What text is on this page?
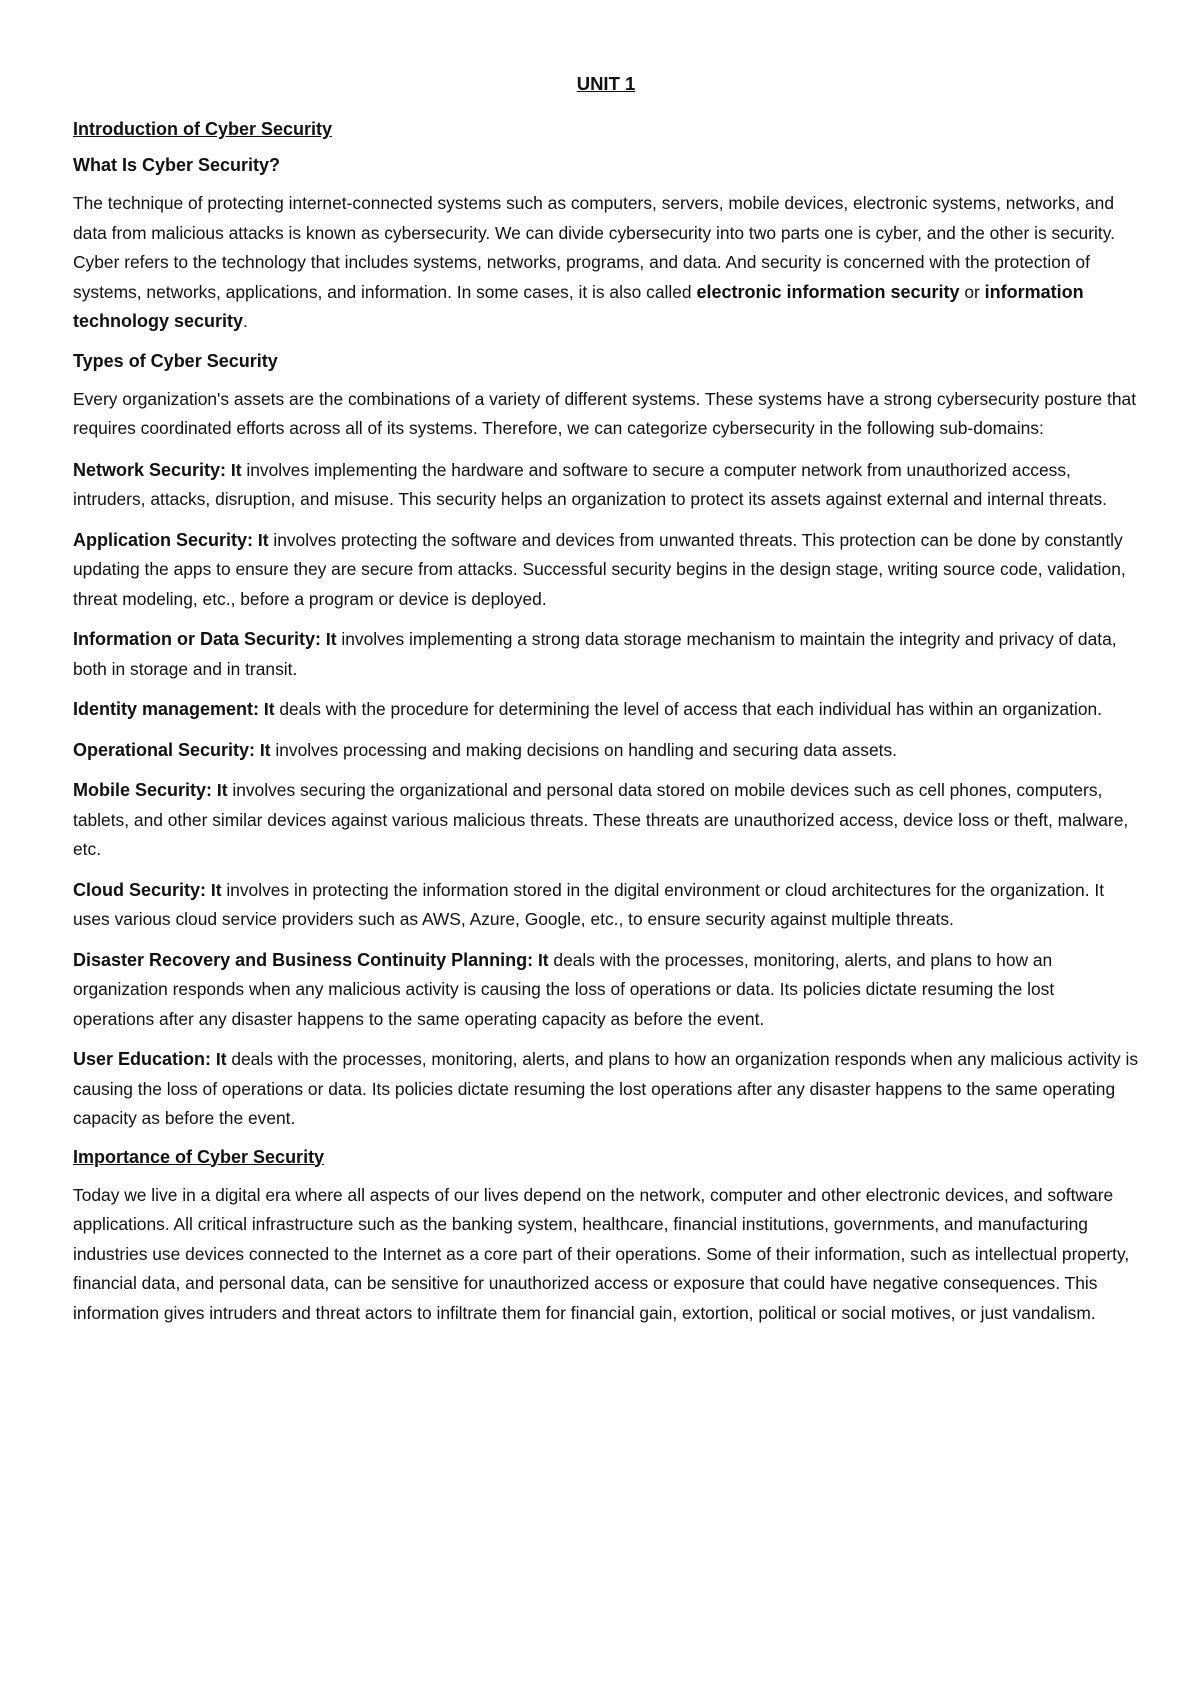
UNIT 1
Introduction of Cyber Security
What Is Cyber Security?

The technique of protecting internet-connected systems such as computers, servers, mobile devices, electronic systems, networks, and data from malicious attacks is known as cybersecurity. We can divide cybersecurity into two parts one is cyber, and the other is security. Cyber refers to the technology that includes systems, networks, programs, and data. And security is concerned with the protection of systems, networks, applications, and information. In some cases, it is also called electronic information security or information technology security.

Types of Cyber Security

Every organization's assets are the combinations of a variety of different systems. These systems have a strong cybersecurity posture that requires coordinated efforts across all of its systems. Therefore, we can categorize cybersecurity in the following sub-domains:

Network Security: It involves implementing the hardware and software to secure a computer network from unauthorized access, intruders, attacks, disruption, and misuse. This security helps an organization to protect its assets against external and internal threats.

Application Security: It involves protecting the software and devices from unwanted threats. This protection can be done by constantly updating the apps to ensure they are secure from attacks. Successful security begins in the design stage, writing source code, validation, threat modeling, etc., before a program or device is deployed.

Information or Data Security: It involves implementing a strong data storage mechanism to maintain the integrity and privacy of data, both in storage and in transit.

Identity management: It deals with the procedure for determining the level of access that each individual has within an organization.

Operational Security: It involves processing and making decisions on handling and securing data assets.

Mobile Security: It involves securing the organizational and personal data stored on mobile devices such as cell phones, computers, tablets, and other similar devices against various malicious threats. These threats are unauthorized access, device loss or theft, malware, etc.

Cloud Security: It involves in protecting the information stored in the digital environment or cloud architectures for the organization. It uses various cloud service providers such as AWS, Azure, Google, etc., to ensure security against multiple threats.

Disaster Recovery and Business Continuity Planning: It deals with the processes, monitoring, alerts, and plans to how an organization responds when any malicious activity is causing the loss of operations or data. Its policies dictate resuming the lost operations after any disaster happens to the same operating capacity as before the event.

User Education: It deals with the processes, monitoring, alerts, and plans to how an organization responds when any malicious activity is causing the loss of operations or data. Its policies dictate resuming the lost operations after any disaster happens to the same operating capacity as before the event.

Importance of Cyber Security

Today we live in a digital era where all aspects of our lives depend on the network, computer and other electronic devices, and software applications. All critical infrastructure such as the banking system, healthcare, financial institutions, governments, and manufacturing industries use devices connected to the Internet as a core part of their operations. Some of their information, such as intellectual property, financial data, and personal data, can be sensitive for unauthorized access or exposure that could have negative consequences. This information gives intruders and threat actors to infiltrate them for financial gain, extortion, political or social motives, or just vandalism.
